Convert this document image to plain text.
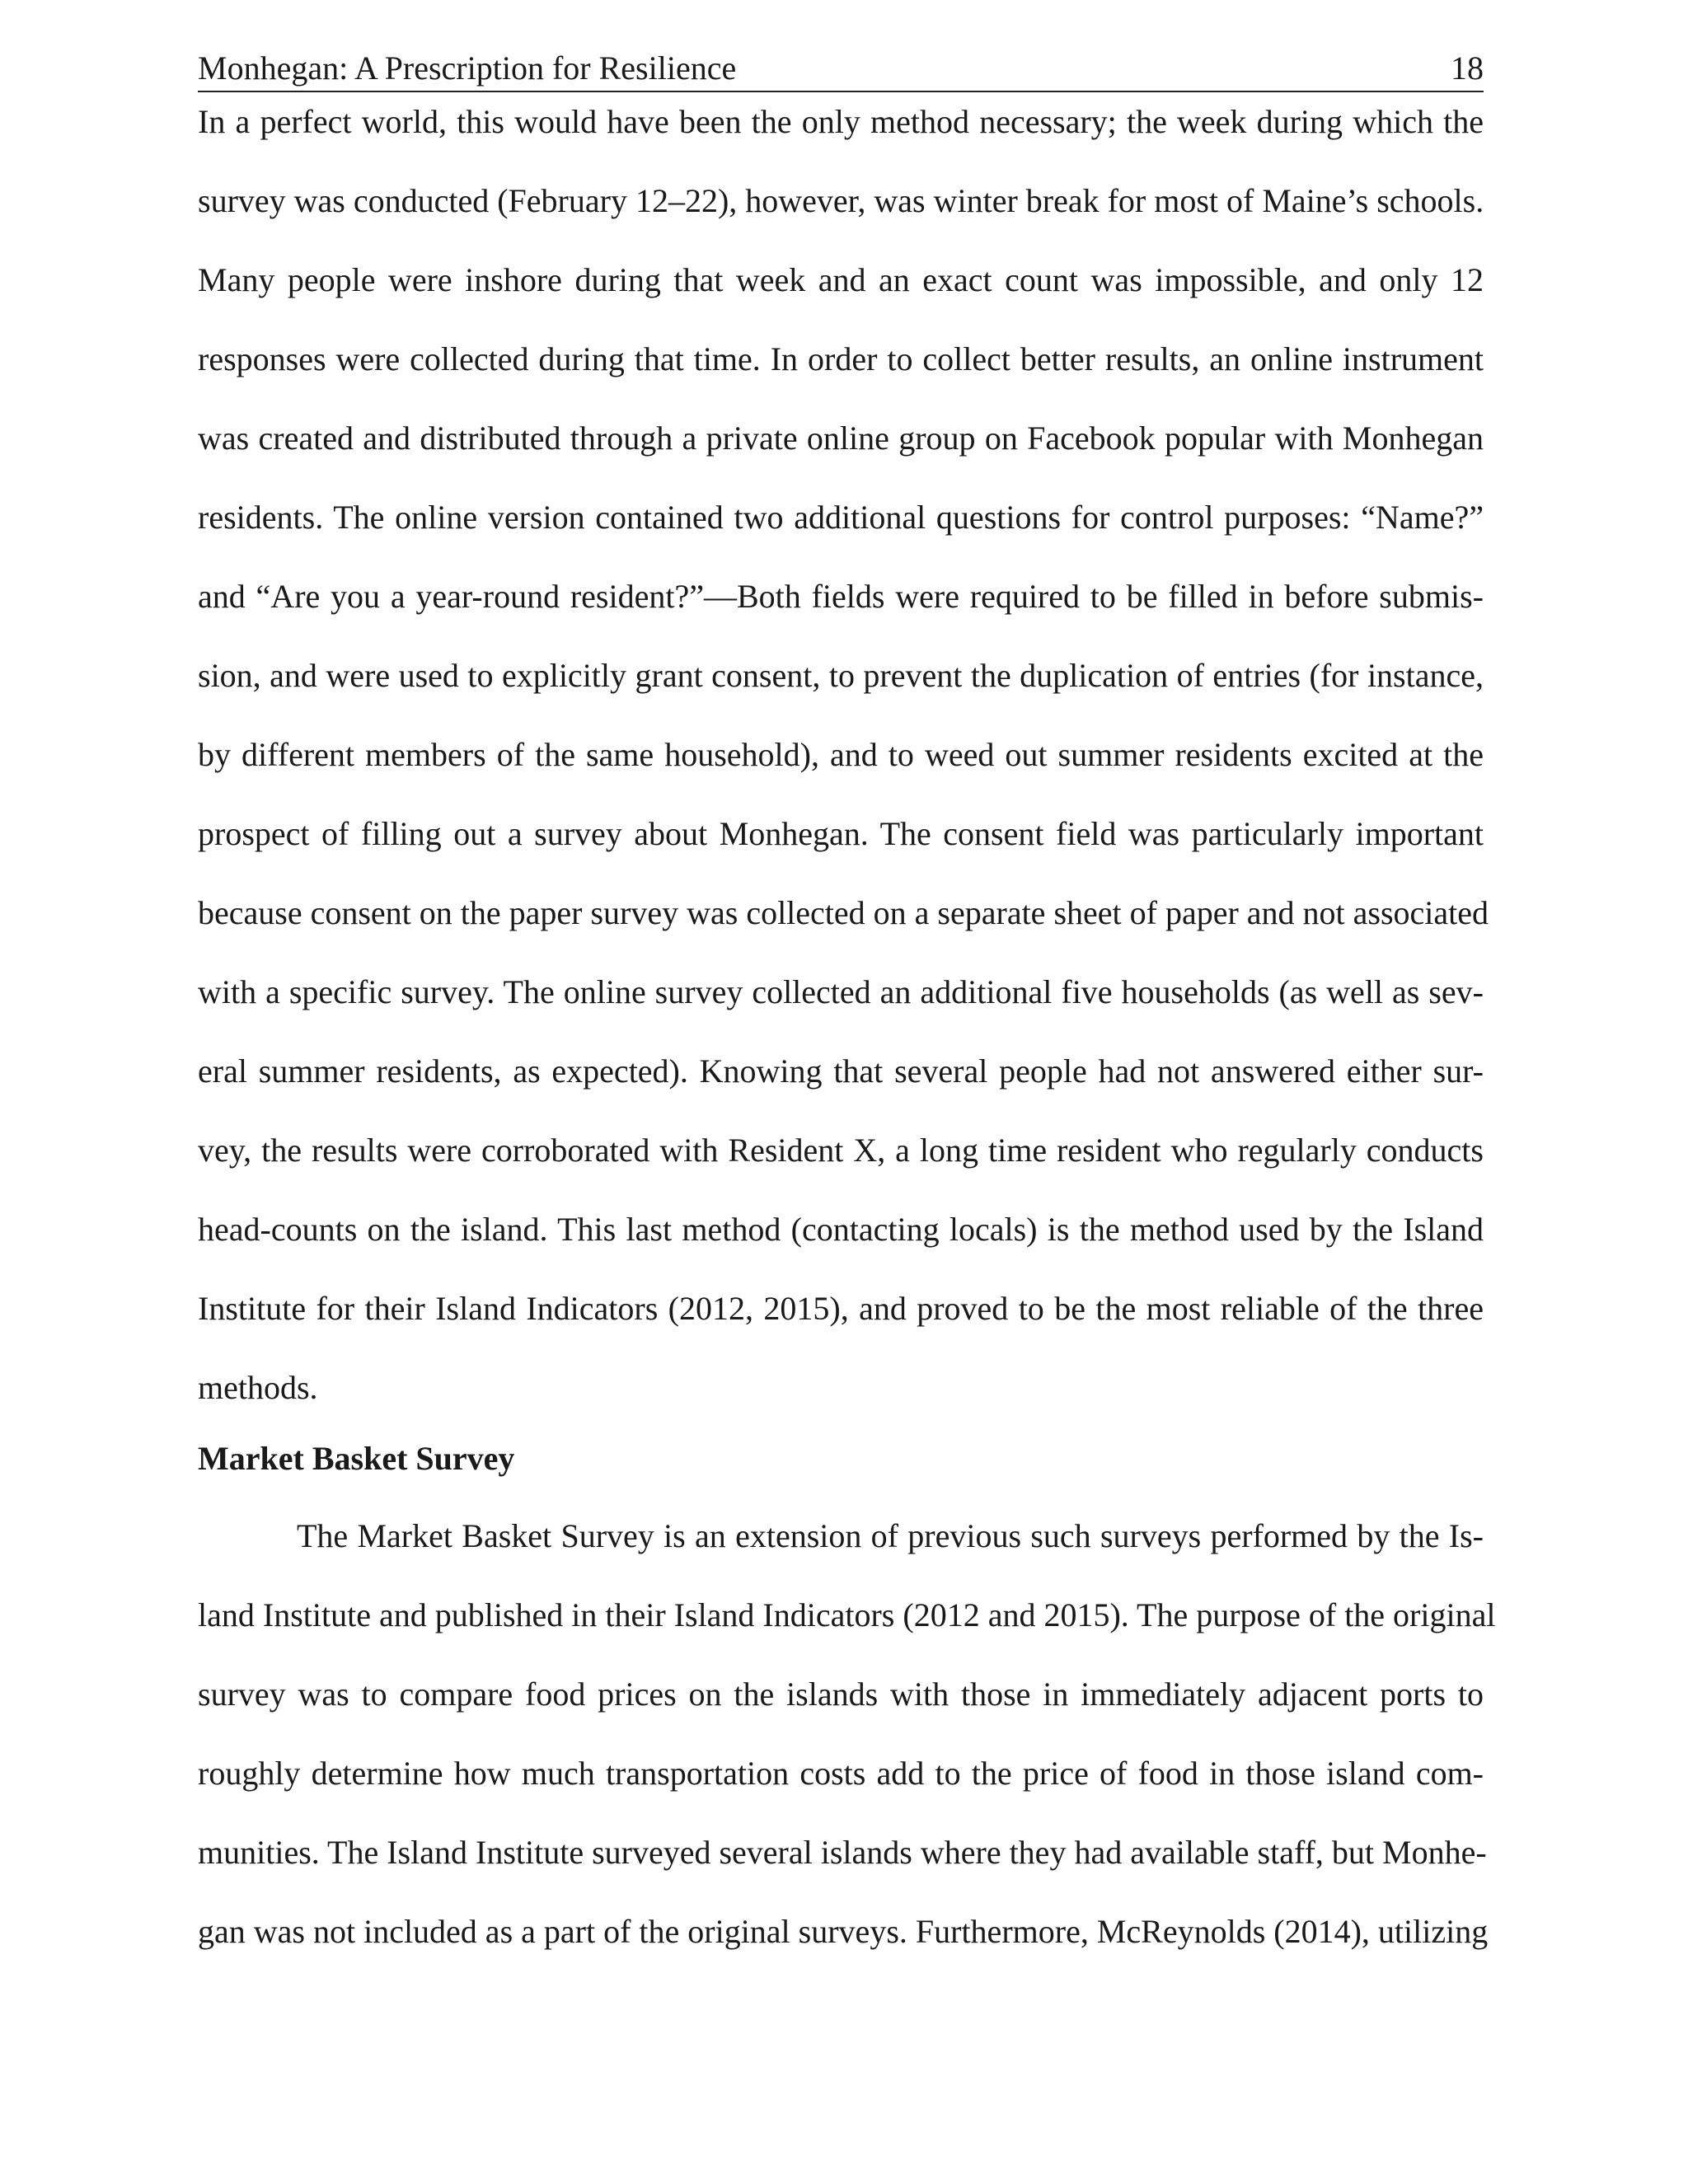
Monhegan: A Prescription for Resilience	18
In a perfect world, this would have been the only method necessary; the week during which the
survey was conducted (February 12–22), however, was winter break for most of Maine’s schools.
Many people were inshore during that week and an exact count was impossible, and only 12
responses were collected during that time. In order to collect better results, an online instrument
was created and distributed through a private online group on Facebook popular with Monhegan
residents. The online version contained two additional questions for control purposes: “Name?”
and “Are you a year-round resident?”—Both fields were required to be filled in before submis-
sion, and were used to explicitly grant consent, to prevent the duplication of entries (for instance,
by different members of the same household), and to weed out summer residents excited at the
prospect of filling out a survey about Monhegan. The consent field was particularly important
because consent on the paper survey was collected on a separate sheet of paper and not associated
with a specific survey. The online survey collected an additional five households (as well as sev-
eral summer residents, as expected). Knowing that several people had not answered either sur-
vey, the results were corroborated with Resident X, a long time resident who regularly conducts
head-counts on the island. This last method (contacting locals) is the method used by the Island
Institute for their Island Indicators (2012, 2015), and proved to be the most reliable of the three
methods.
Market Basket Survey
The Market Basket Survey is an extension of previous such surveys performed by the Is-
land Institute and published in their Island Indicators (2012 and 2015). The purpose of the original
survey was to compare food prices on the islands with those in immediately adjacent ports to
roughly determine how much transportation costs add to the price of food in those island com-
munities. The Island Institute surveyed several islands where they had available staff, but Monhe-
gan was not included as a part of the original surveys. Furthermore, McReynolds (2014), utilizing
